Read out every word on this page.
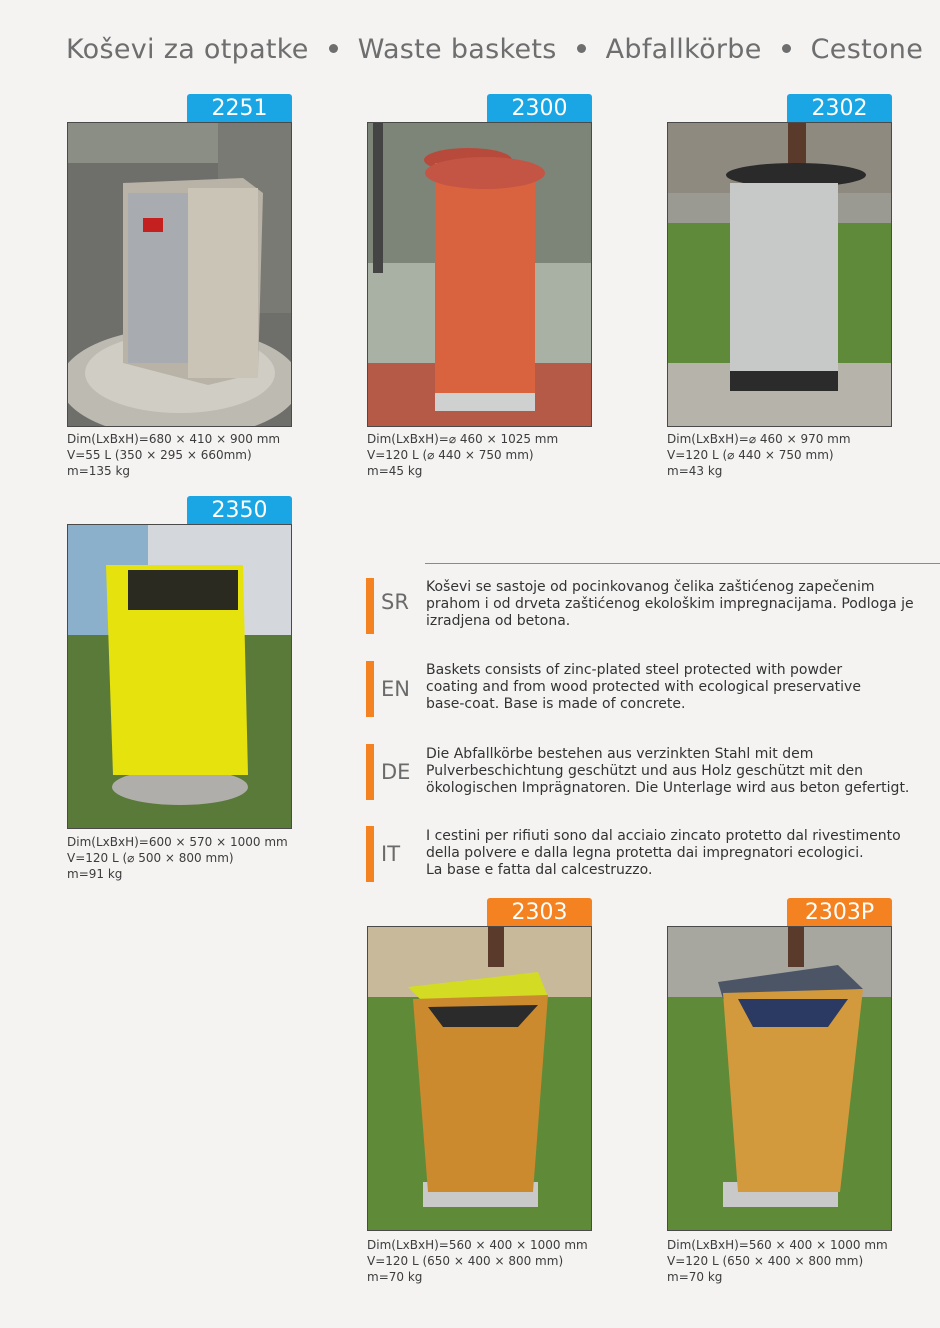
Koševi za otpatke Waste baskets Abfallkörbe Cestone
2251
Dim(LxBxH)=680 × 410 × 900 mm
V=55 L (350 × 295 × 660mm)
m=135 kg
2300
Dim(LxBxH)=⌀ 460 × 1025 mm
V=120 L (⌀ 440 × 750 mm)
m=45 kg
2302
Dim(LxBxH)=⌀ 460 × 970 mm
V=120 L (⌀ 440 × 750 mm)
m=43 kg
2350
Dim(LxBxH)=600 × 570 × 1000 mm
V=120 L (⌀ 500 × 800 mm)
m=91 kg
SR
Koševi se sastoje od pocinkovanog čelika zaštićenog zapečenim
prahom i od drveta zaštićenog ekološkim impregnacijama. Podloga je
izradjena od betona.
EN
Baskets consists of zinc-plated steel protected with powder
coating and from wood protected with ecological preservative
base-coat. Base is made of concrete.
DE
Die Abfallkörbe bestehen aus verzinkten Stahl mit dem
Pulverbeschichtung geschützt und aus Holz geschützt mit den
ökologischen Imprägnatoren. Die Unterlage wird aus beton gefertigt.
IT
I cestini per rifiuti sono dal acciaio zincato protetto dal rivestimento
della polvere e dalla legna protetta dai impregnatori ecologici.
La base e fatta dal calcestruzzo.
2303
Dim(LxBxH)=560 × 400 × 1000 mm
V=120 L (650 × 400 × 800 mm)
m=70 kg
2303P
Dim(LxBxH)=560 × 400 × 1000 mm
V=120 L (650 × 400 × 800 mm)
m=70 kg
